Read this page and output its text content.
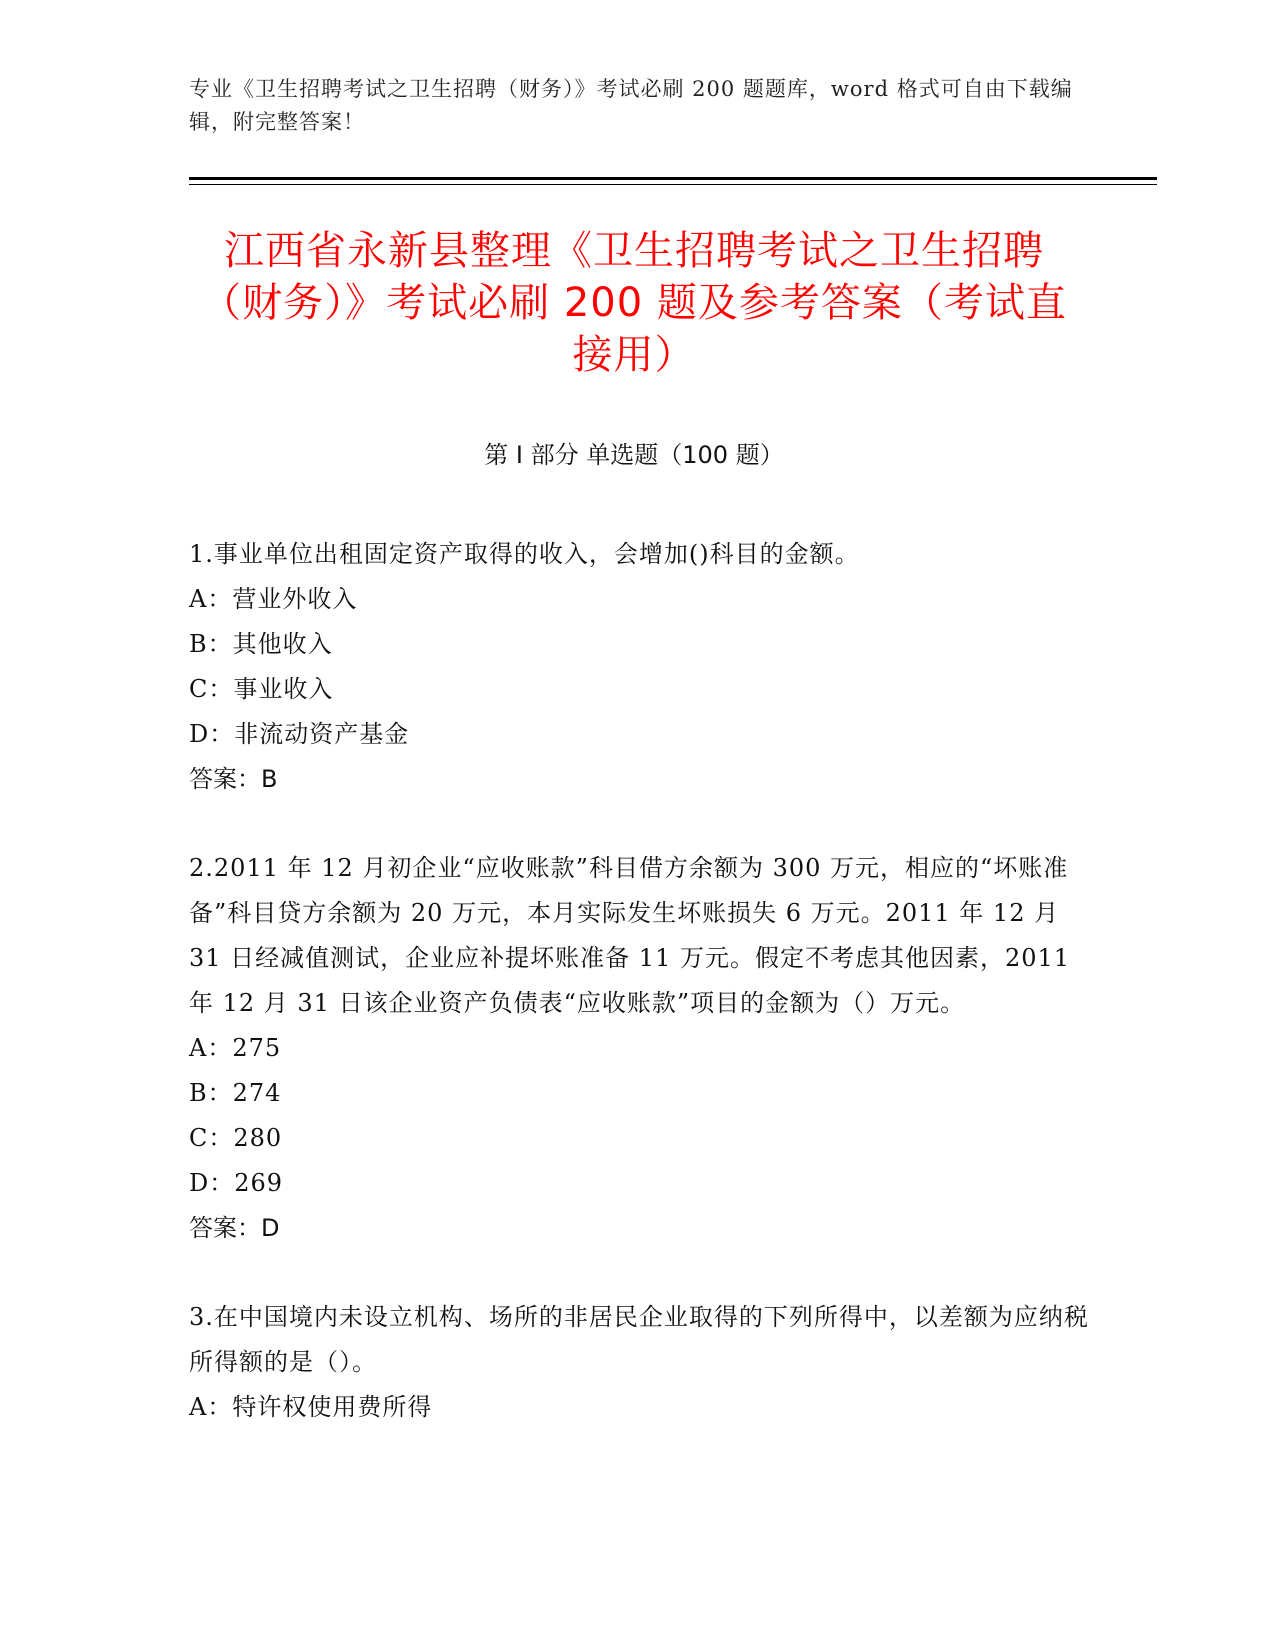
专业《卫生招聘考试之卫生招聘（财务）》考试必刷 200 题题库，word 格式可自由下载编辑，附完整答案！
江西省永新县整理《卫生招聘考试之卫生招聘（财务）》考试必刷 200 题及参考答案（考试直接用）
第 I 部分 单选题（100 题）
1.事业单位出租固定资产取得的收入，会增加()科目的金额。
A：营业外收入
B：其他收入
C：事业收入
D：非流动资产基金
答案：B
2.2011 年 12 月初企业“应收账款”科目借方余额为 300 万元，相应的“坏账准备”科目贷方余额为 20 万元，本月实际发生坏账损失 6 万元。2011 年 12 月 31 日经减值测试，企业应补提坏账准备 11 万元。假定不考虑其他因素，2011 年 12 月 31 日该企业资产负债表“应收账款”项目的金额为（）万元。
A：275
B：274
C：280
D：269
答案：D
3.在中国境内未设立机构、场所的非居民企业取得的下列所得中，以差额为应纳税所得额的是（）。
A：特许权使用费所得
